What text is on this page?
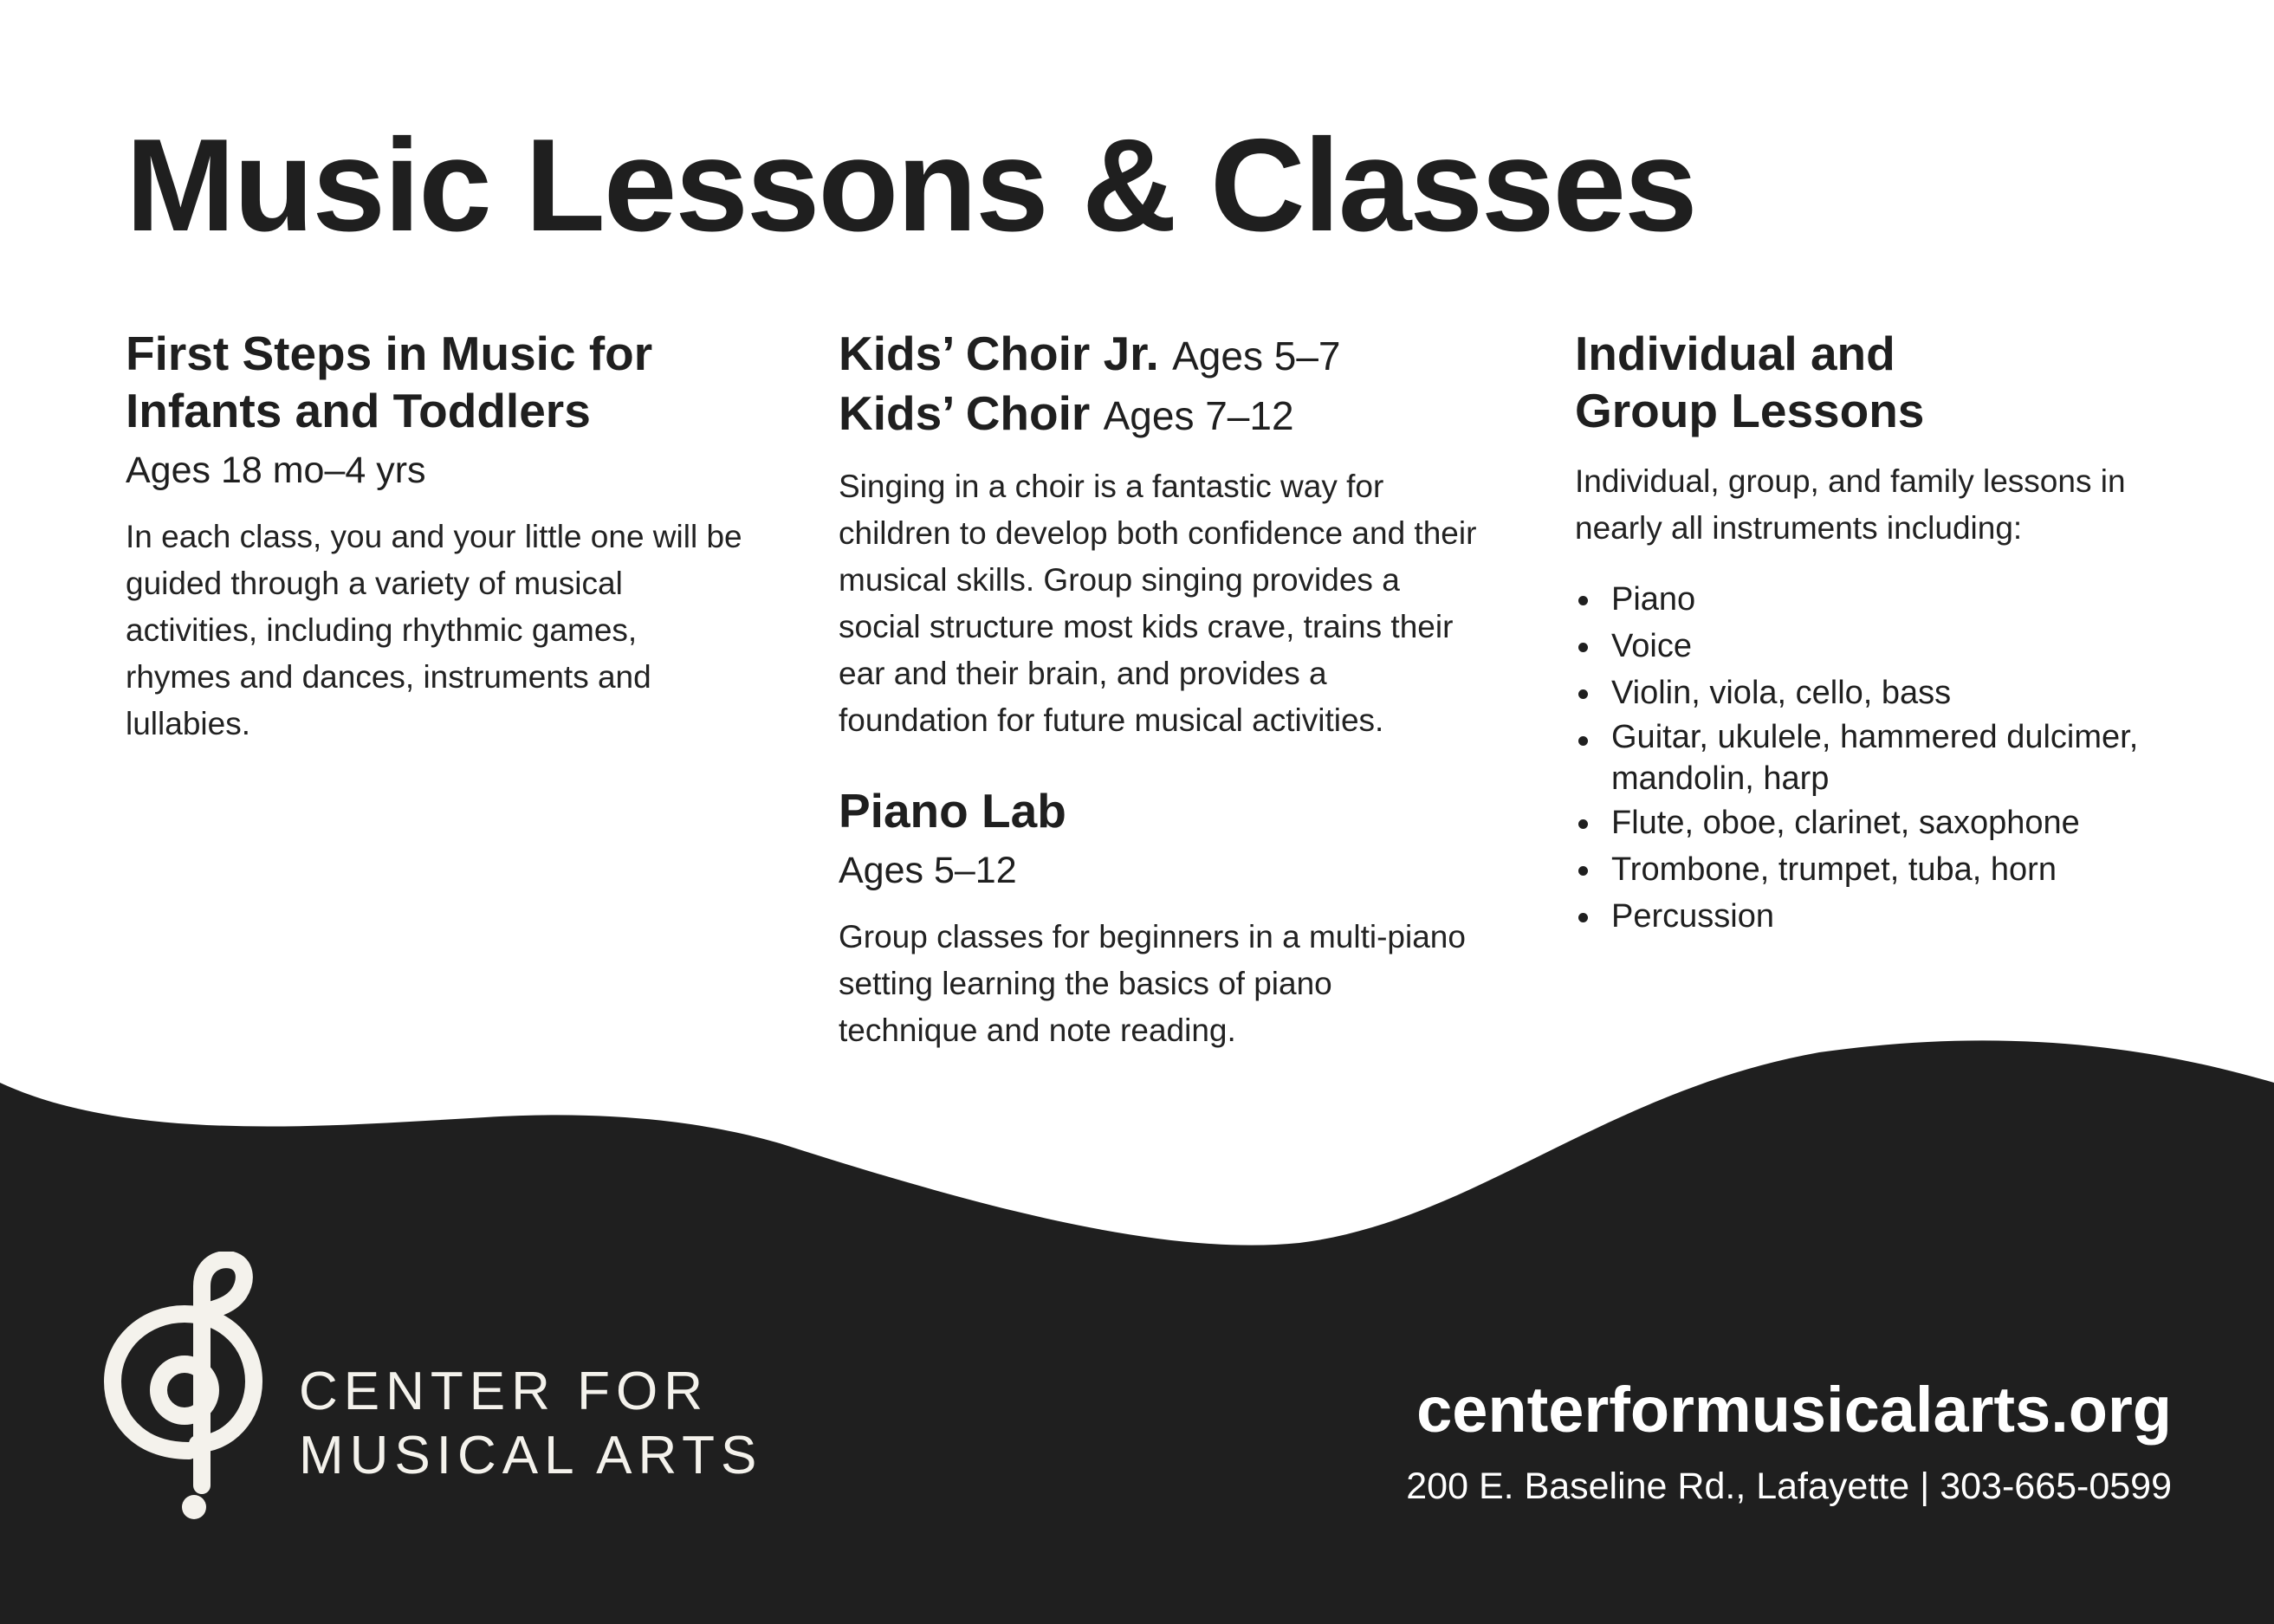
Music Lessons & Classes
First Steps in Music for
Infants and Toddlers

Ages 18 mo–4 yrs

In each class, you and your little one will be guided through a variety of musical activities, including rhythmic games, rhymes and dances, instruments and lullabies.

Kids’ Choir Jr. Ages 5–7
Kids’ Choir Ages 7–12

Singing in a choir is a fantastic way for children to develop both confidence and their musical skills. Group singing provides a social structure most kids crave, trains their ear and their brain, and provides a foundation for future musical activities.

Piano Lab

Ages 5–12

Group classes for beginners in a multi-piano setting learning the basics of piano technique and note reading.

Individual and
Group Lessons

Individual, group, and family lessons in nearly all instruments including:

Piano
Voice
Violin, viola, cello, bass
Guitar, ukulele, hammered dulcimer, mandolin, harp
Flute, oboe, clarinet, saxophone
Trombone, trumpet, tuba, horn
Percussion
CENTER FOR
MUSICAL ARTS
centerformusicalarts.org
200 E. Baseline Rd., Lafayette | 303-665-0599
